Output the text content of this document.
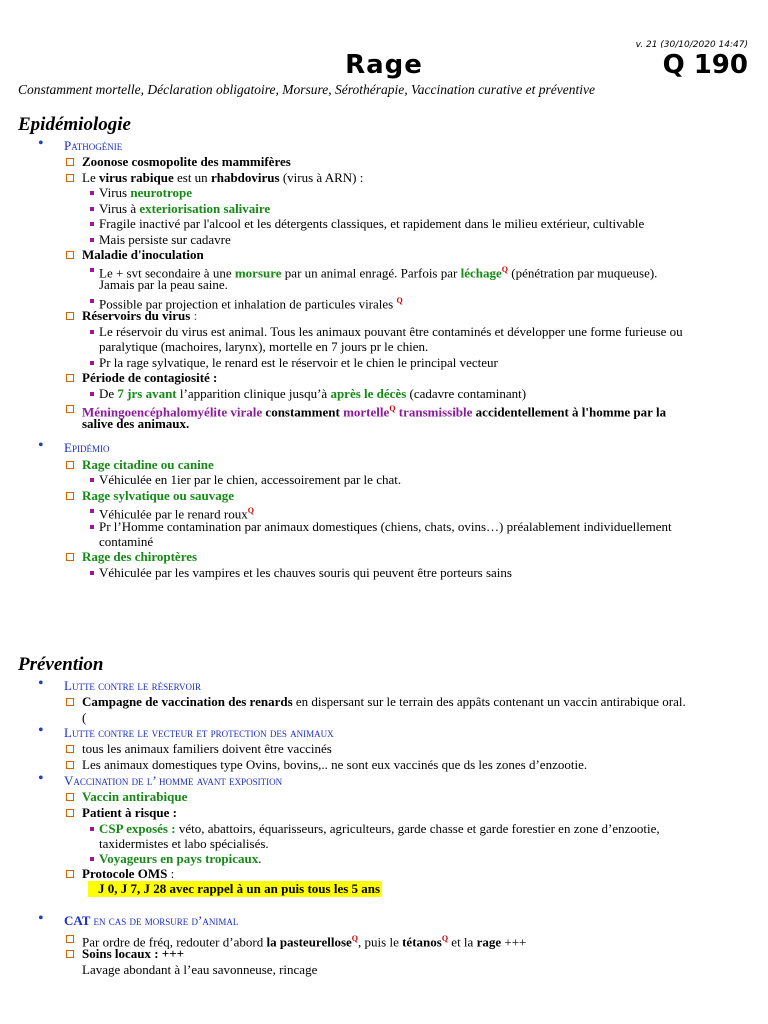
v. 21 (30/10/2020 14:47)
Rage	Q 190
Constamment mortelle, Déclaration obligatoire, Morsure, Sérothérapie, Vaccination curative et préventive
Epidémiologie
• Pathogénie
Zoonose cosmopolite des mammifères
Le virus rabique est un rhabdovirus (virus à ARN) :
Virus neurotrope
Virus à exteriorisation salivaire
Fragile inactivé par l'alcool et les détergents classiques, et rapidement dans le milieu extérieur, cultivable
Mais persiste sur cadavre
Maladie d'inoculation
Le + svt secondaire à une morsure par un animal enragé. Parfois par léchage$^Q$ (pénétration par muqueuse).
Jamais par la peau saine.
Possible par projection et inhalation de particules virales $^Q$
Réservoirs du virus :
Le réservoir du virus est animal. Tous les animaux pouvant être contaminés et développer une forme furieuse ou
paralytique (machoires, larynx), mortelle en 7 jours pr le chien.
Pr la rage sylvatique, le renard est le réservoir et le chien le principal vecteur
Période de contagiosité :
De 7 jrs avant l’apparition clinique jusqu’à après le décès (cadavre contaminant)
Méningoencéphalomyélite virale constamment mortelle$^Q$ transmissible accidentellement à l'homme par la
salive des animaux.
• Epidémio
Rage citadine ou canine
Véhiculée en 1ier par le chien, accessoirement par le chat.
Rage sylvatique ou sauvage
Véhiculée par le renard roux$^Q$
Pr l’Homme contamination par animaux domestiques (chiens, chats, ovins…) préalablement individuellement
contaminé
Rage des chiroptères
Véhiculée par les vampires et les chauves souris qui peuvent être porteurs sains
Prévention
• Lutte contre le réservoir
Campagne de vaccination des renards en dispersant sur le terrain des appâts contenant un vaccin antirabique oral.
(
• Lutte contre le vecteur et protection des animaux
tous les animaux familiers doivent être vaccinés
Les animaux domestiques type Ovins, bovins,.. ne sont eux vaccinés que ds les zones d’enzootie.
• Vaccination de l’ homme avant exposition
Vaccin antirabique
Patient à risque :
CSP exposés : véto, abattoirs, équarisseurs, agriculteurs, garde chasse et garde forestier en zone d’enzootie,
taxidermistes et labo spécialisés.
Voyageurs en pays tropicaux.
Protocole OMS :
J 0, J 7, J 28 avec rappel à un an puis tous les 5 ans
• CAT en cas de morsure d’animal
Par ordre de fréq, redouter d’abord la pasteurellose$^Q$, puis le tétanos$^Q$ et la rage +++
Soins locaux : +++
Lavage abondant à l’eau savonneuse, rincage
